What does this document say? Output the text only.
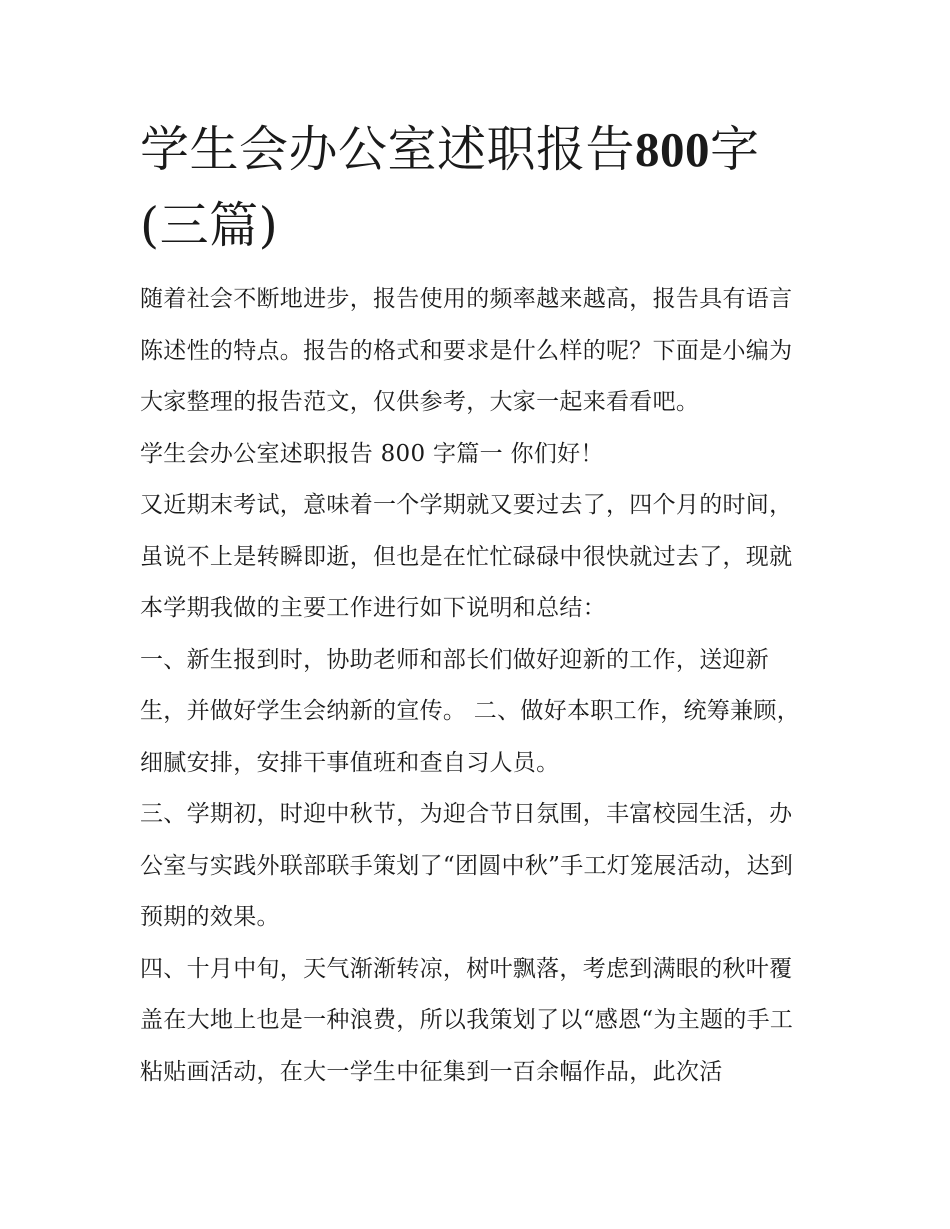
学生会办公室述职报告800字(三篇)

随着社会不断地进步，报告使用的频率越来越高，报告具有语言陈述性的特点。报告的格式和要求是什么样的呢？下面是小编为大家整理的报告范文，仅供参考，大家一起来看看吧。

学生会办公室述职报告 800 字篇一 你们好！

又近期末考试，意味着一个学期就又要过去了，四个月的时间，虽说不上是转瞬即逝，但也是在忙忙碌碌中很快就过去了，现就本学期我做的主要工作进行如下说明和总结：

一、新生报到时，协助老师和部长们做好迎新的工作，送迎新生，并做好学生会纳新的宣传。 二、做好本职工作，统筹兼顾，细腻安排，安排干事值班和查自习人员。

三、学期初，时迎中秋节，为迎合节日氛围，丰富校园生活，办公室与实践外联部联手策划了“团圆中秋”手工灯笼展活动，达到预期的效果。

四、十月中旬，天气渐渐转凉，树叶飘落，考虑到满眼的秋叶覆盖在大地上也是一种浪费，所以我策划了以“感恩“为主题的手工粘贴画活动，在大一学生中征集到一百余幅作品，此次活
